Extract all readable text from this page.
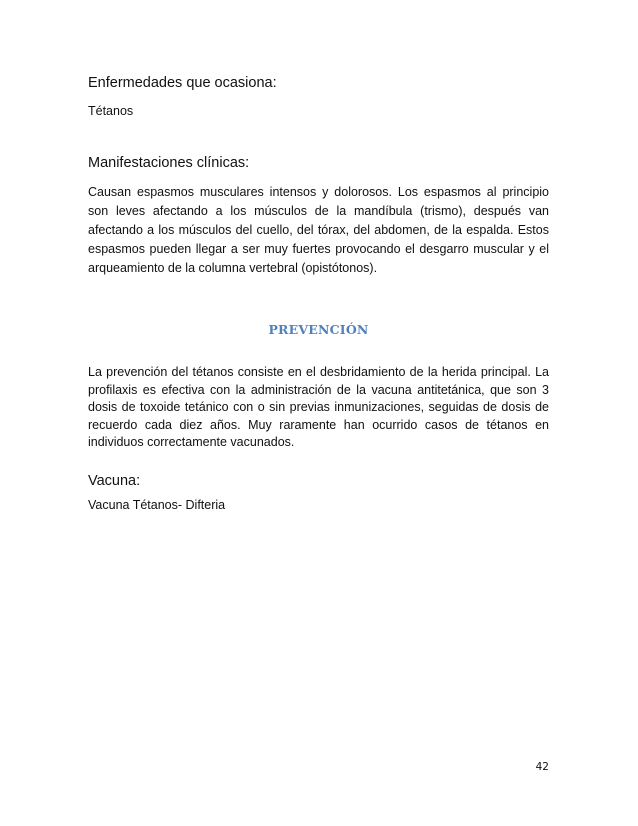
Enfermedades que ocasiona:

Tétanos

Manifestaciones clínicas:

Causan espasmos musculares intensos y dolorosos. Los espasmos al principio son leves afectando a los músculos de la mandíbula (trismo), después van afectando a los músculos del cuello, del tórax, del abdomen, de la espalda. Estos espasmos pueden llegar a ser muy fuertes provocando el desgarro muscular y el arqueamiento de la columna vertebral (opistótonos).

PREVENCIÓN

La prevención del tétanos consiste en el desbridamiento de la herida principal. La profilaxis es efectiva con la administración de la vacuna antitetánica, que son 3 dosis de toxoide tetánico con o sin previas inmunizaciones, seguidas de dosis de recuerdo cada diez años. Muy raramente han ocurrido casos de tétanos en individuos correctamente vacunados.

Vacuna:

Vacuna Tétanos- Difteria

42
